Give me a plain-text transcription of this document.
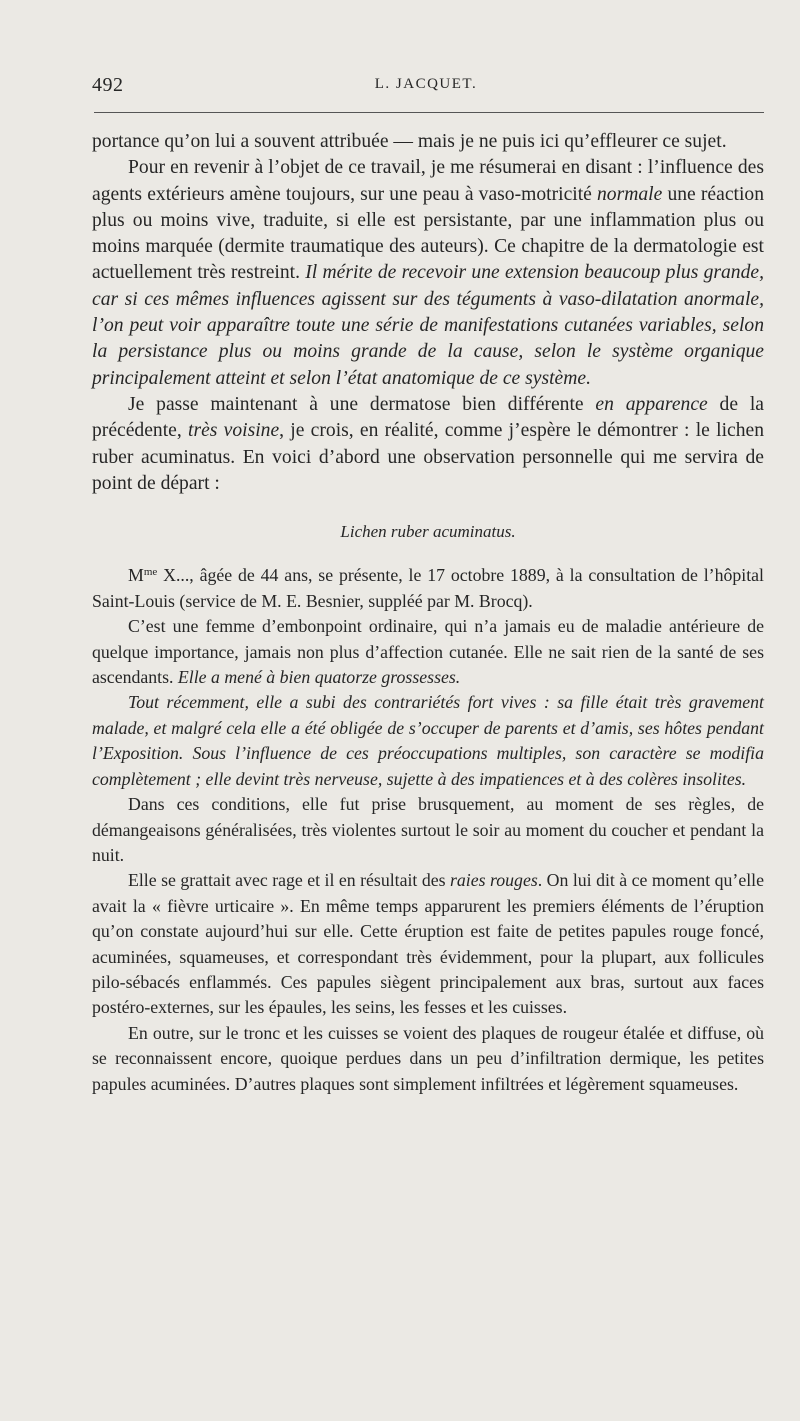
492	L. JACQUET.

portance qu’on lui a souvent attribuée — mais je ne puis ici qu’effleurer ce sujet.

Pour en revenir à l’objet de ce travail, je me résumerai en disant : l’influence des agents extérieurs amène toujours, sur une peau à vaso-motricité normale une réaction plus ou moins vive, traduite, si elle est persistante, par une inflammation plus ou moins marquée (dermite traumatique des auteurs). Ce chapitre de la dermatologie est actuellement très restreint. Il mérite de recevoir une extension beaucoup plus grande, car si ces mêmes influences agissent sur des téguments à vaso-dilatation anormale, l’on peut voir apparaître toute une série de manifestations cutanées variables, selon la persistance plus ou moins grande de la cause, selon le système organique principalement atteint et selon l’état anatomique de ce système.

Je passe maintenant à une dermatose bien différente en apparence de la précédente, très voisine, je crois, en réalité, comme j’espère le démontrer : le lichen ruber acuminatus. En voici d’abord une observation personnelle qui me servira de point de départ :

Lichen ruber acuminatus.

$M^{me}$ X..., âgée de 44 ans, se présente, le 17 octobre 1889, à la consultation de l’hôpital Saint-Louis (service de M. E. Besnier, suppléé par M. Brocq).

C’est une femme d’embonpoint ordinaire, qui n’a jamais eu de maladie antérieure de quelque importance, jamais non plus d’affection cutanée. Elle ne sait rien de la santé de ses ascendants. Elle a mené à bien quatorze grossesses.

Tout récemment, elle a subi des contrariétés fort vives : sa fille était très gravement malade, et malgré cela elle a été obligée de s’occuper de parents et d’amis, ses hôtes pendant l’Exposition. Sous l’influence de ces préoccupations multiples, son caractère se modifia complètement ; elle devint très nerveuse, sujette à des impatiences et à des colères insolites.

Dans ces conditions, elle fut prise brusquement, au moment de ses règles, de démangeaisons généralisées, très violentes surtout le soir au moment du coucher et pendant la nuit.

Elle se grattait avec rage et il en résultait des raies rouges. On lui dit à ce moment qu’elle avait la « fièvre urticaire ». En même temps apparurent les premiers éléments de l’éruption qu’on constate aujourd’hui sur elle. Cette éruption est faite de petites papules rouge foncé, acuminées, squameuses, et correspondant très évidemment, pour la plupart, aux follicules pilo-sébacés enflammés. Ces papules siègent principalement aux bras, surtout aux faces postéro-externes, sur les épaules, les seins, les fesses et les cuisses.

En outre, sur le tronc et les cuisses se voient des plaques de rougeur étalée et diffuse, où se reconnaissent encore, quoique perdues dans un peu d’infiltration dermique, les petites papules acuminées. D’autres plaques sont simplement infiltrées et légèrement squameuses.
